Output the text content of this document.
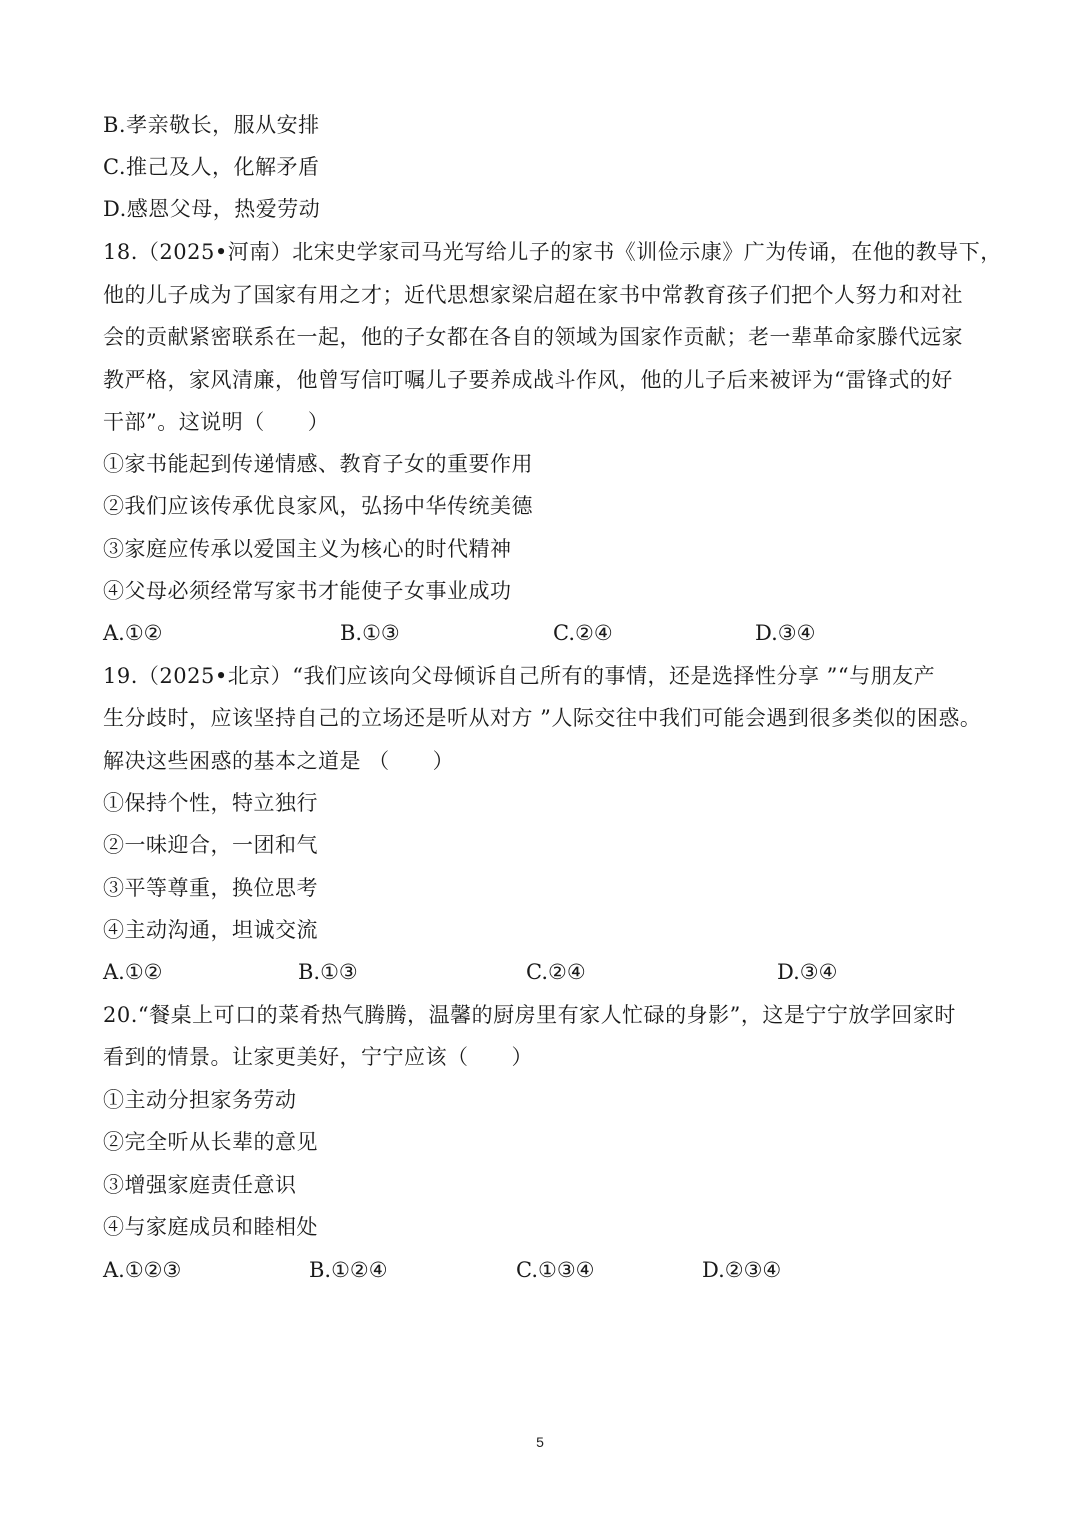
B.孝亲敬长，服从安排
C.推己及人，化解矛盾
D.感恩父母，热爱劳动
18.（2025•河南）北宋史学家司马光写给儿子的家书《训俭示康》广为传诵，在他的教导下，
他的儿子成为了国家有用之才；近代思想家梁启超在家书中常教育孩子们把个人努力和对社
会的贡献紧密联系在一起，他的子女都在各自的领域为国家作贡献；老一辈革命家滕代远家
教严格，家风清廉，他曾写信叮嘱儿子要养成战斗作风，他的儿子后来被评为“雷锋式的好
干部”。这说明（　　）
①家书能起到传递情感、教育子女的重要作用
②我们应该传承优良家风，弘扬中华传统美德
③家庭应传承以爱国主义为核心的时代精神
④父母必须经常写家书才能使子女事业成功
A.①②	B.①③	C.②④	D.③④
19.（2025•北京）“我们应该向父母倾诉自己所有的事情，还是选择性分享 ”“与朋友产
生分歧时，应该坚持自己的立场还是听从对方 ”人际交往中我们可能会遇到很多类似的困惑。
解决这些困惑的基本之道是 （　　）
①保持个性，特立独行
②一味迎合，一团和气
③平等尊重，换位思考
④主动沟通，坦诚交流
A.①②	B.①③	C.②④	D.③④
20.“餐桌上可口的菜肴热气腾腾，温馨的厨房里有家人忙碌的身影”，这是宁宁放学回家时
看到的情景。让家更美好，宁宁应该（　　）
①主动分担家务劳动
②完全听从长辈的意见
③增强家庭责任意识
④与家庭成员和睦相处
A.①②③	B.①②④	C.①③④	D.②③④
5
